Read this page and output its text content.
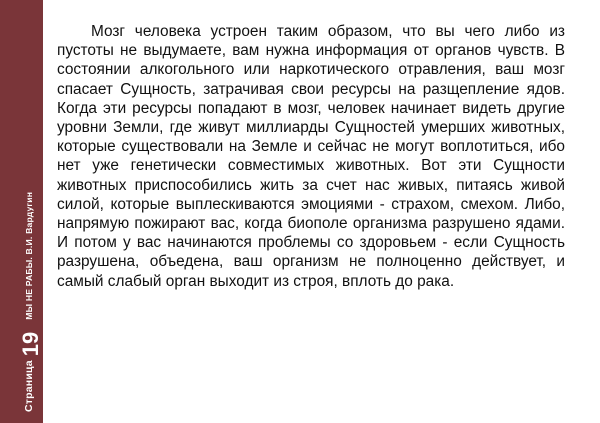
Страница
19
МЫ НЕ РАБЫ. В.И. Вардугин

Мозг человека устроен таким образом, что вы чего либо из пустоты не выдумаете, вам нужна информация от органов чувств. В состоянии алкогольного или наркотического отравления, ваш мозг спасает Сущность, затрачивая свои ресурсы на разщепление ядов. Когда эти ресурсы попадают в мозг, человек начинает видеть другие уровни Земли, где живут миллиарды Сущностей умерших животных, которые существовали на Земле и сейчас не могут воплотиться, ибо нет уже генетически совместимых животных. Вот эти Сущности животных приспособились жить за счет нас живых, питаясь живой силой, которые выплескиваются эмоциями - страхом, смехом. Либо, напрямую пожирают вас, когда биополе организма разрушено ядами. И потом у вас начинаются проблемы со здоровьем - если Сущность разрушена, объедена, ваш организм не полноценно действует, и самый слабый орган выходит из строя, вплоть до рака.
